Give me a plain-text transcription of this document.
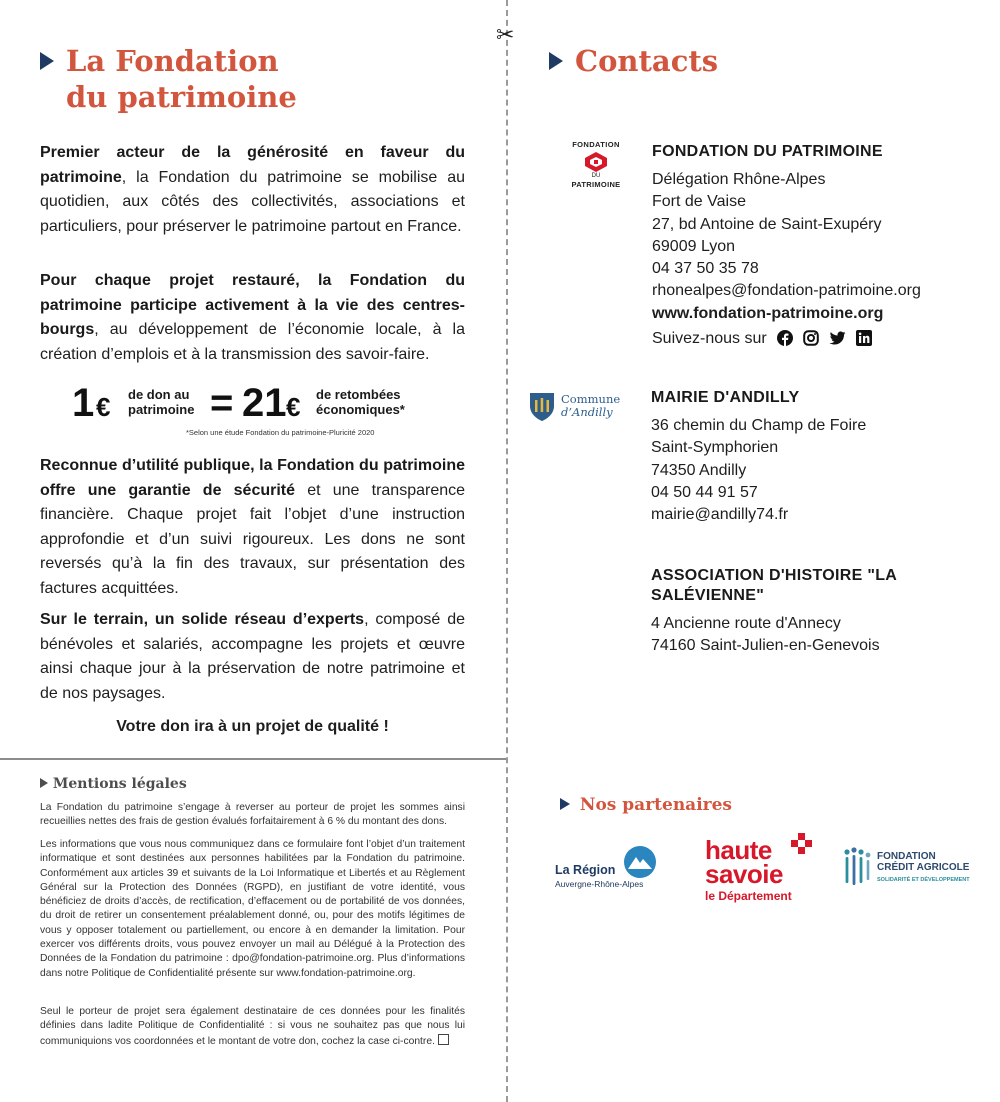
✂
La Fondation
du patrimoine
Premier acteur de la générosité en faveur du patrimoine, la Fondation du patrimoine se mobilise au quotidien, aux côtés des collectivités, associations et particuliers, pour préserver le patrimoine partout en France.
Pour chaque projet restauré, la Fondation du patrimoine participe activement à la vie des centres-bourgs, au développement de l’économie locale, à la création d’emplois et à la transmission des savoir-faire.
1 € de don au
patrimoine = 21 € de retombées
économiques*
*Selon une étude Fondation du patrimoine-Pluricité 2020
Reconnue d’utilité publique, la Fondation du patrimoine offre une garantie de sécurité et une transparence financière. Chaque projet fait l’objet d’une instruction approfondie et d’un suivi rigoureux. Les dons ne sont reversés qu’à la fin des travaux, sur présentation des factures acquittées.
Sur le terrain, un solide réseau d’experts, composé de bénévoles et salariés, accompagne les projets et œuvre ainsi chaque jour à la préservation de notre patrimoine et de nos paysages.
Votre don ira à un projet de qualité !
Mentions légales
La Fondation du patrimoine s’engage à reverser au porteur de projet les sommes ainsi recueillies nettes des frais de gestion évalués forfaitairement à 6 % du montant des dons.
Les informations que vous nous communiquez dans ce formulaire font l’objet d’un traitement informatique et sont destinées aux personnes habilitées par la Fondation du patrimoine. Conformément aux articles 39 et suivants de la Loi Informatique et Libertés et au Règlement Général sur la Protection des Données (RGPD), en justifiant de votre identité, vous bénéficiez de droits d’accès, de rectification, d’effacement ou de portabilité de vos données, du droit de retirer un consentement préalablement donné, ou, pour des motifs légitimes de vous y opposer totalement ou partiellement, ou encore à en demander la limitation. Pour exercer vos différents droits, vous pouvez envoyer un mail au Délégué à la Protection des Données de la Fondation du patrimoine : dpo@fondation-patrimoine.org. Plus d’informations dans notre Politique de Confidentialité présente sur www.fondation-patrimoine.org.
Seul le porteur de projet sera également destinataire de ces données pour les finalités définies dans ladite Politique de Confidentialité : si vous ne souhaitez pas que nous lui communiquions vos coordonnées et le montant de votre don, cochez la case ci-contre.
Contacts
FONDATION
DU
PATRIMOINE
FONDATION DU PATRIMOINE
Délégation Rhône-Alpes
Fort de Vaise
27, bd Antoine de Saint-Exupéry
69009 Lyon
04 37 50 35 78
rhonealpes@fondation-patrimoine.org
www.fondation-patrimoine.org
Suivez-nous sur

Commune
d’Andilly
MAIRIE D'ANDILLY
36 chemin du Champ de Foire
Saint-Symphorien
74350 Andilly
04 50 44 91 57
mairie@andilly74.fr
ASSOCIATION D'HISTOIRE "LA
SALÉVIENNE"
4 Ancienne route d'Annecy
74160 Saint-Julien-en-Genevois
Nos partenaires
La Région
Auvergne-Rhône-Alpes
haute
savoie
le Département
FONDATION
CRÉDIT AGRICOLE
SOLIDARITÉ ET DÉVELOPPEMENT
